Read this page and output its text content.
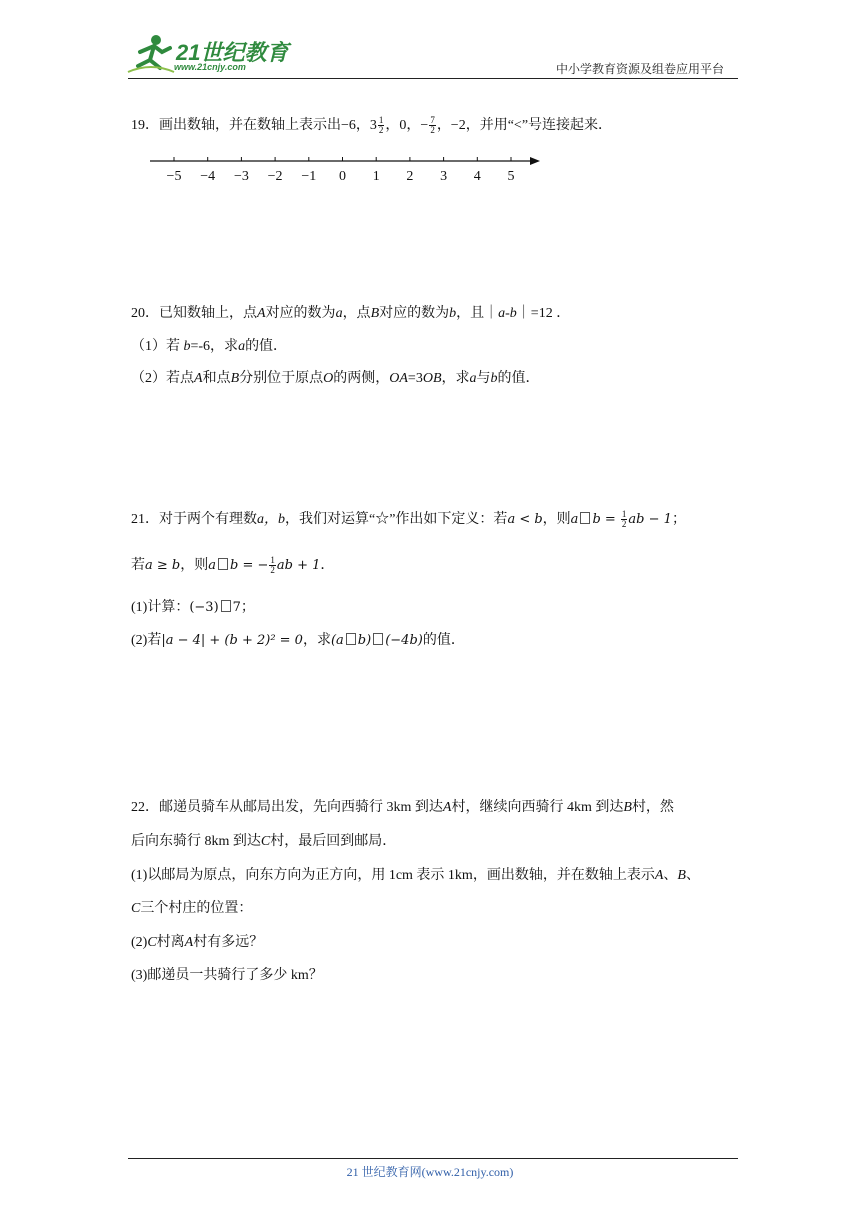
21世纪教育
www.21cnjy.com	中小学教育资源及组卷应用平台
19．画出数轴，并在数轴上表示出−6，$3 \frac{1}{2}$ ，0，− $\frac{7}{2}$ ，−2，并用“<”号连接起来．
−5 −4 −3 −2 −1 0 1 2 3 4 5
20．已知数轴上，点A对应的数为a，点B对应的数为b，且｜a-b｜=12 ．
（1）若 b=-6，求a的值．
（2）若点A和点B分别位于原点O的两侧，OA=3OB，求a与b的值．
21．对于两个有理数a，b，我们对运算“☆”作出如下定义：若a < b，则a $b = \frac{1}{2}$ ab − 1；
若a ≥ b，则a b = − $\frac{1}{2}$ ab + 1．
(1)计算：(−3) 7；
(2)若|a − 4| + (b + 2)² = 0，求(a b) (−4b)的值．
22．邮递员骑车从邮局出发，先向西骑行 3km 到达A村，继续向西骑行 4km 到达B村，然
后向东骑行 8km 到达C村，最后回到邮局．
(1)以邮局为原点，向东方向为正方向，用 1cm 表示 1km，画出数轴，并在数轴上表示A、B、
C三个村庄的位置：
(2)C村离A村有多远？
(3)邮递员一共骑行了多少 km？
21 世纪教育网(www.21cnjy.com)
